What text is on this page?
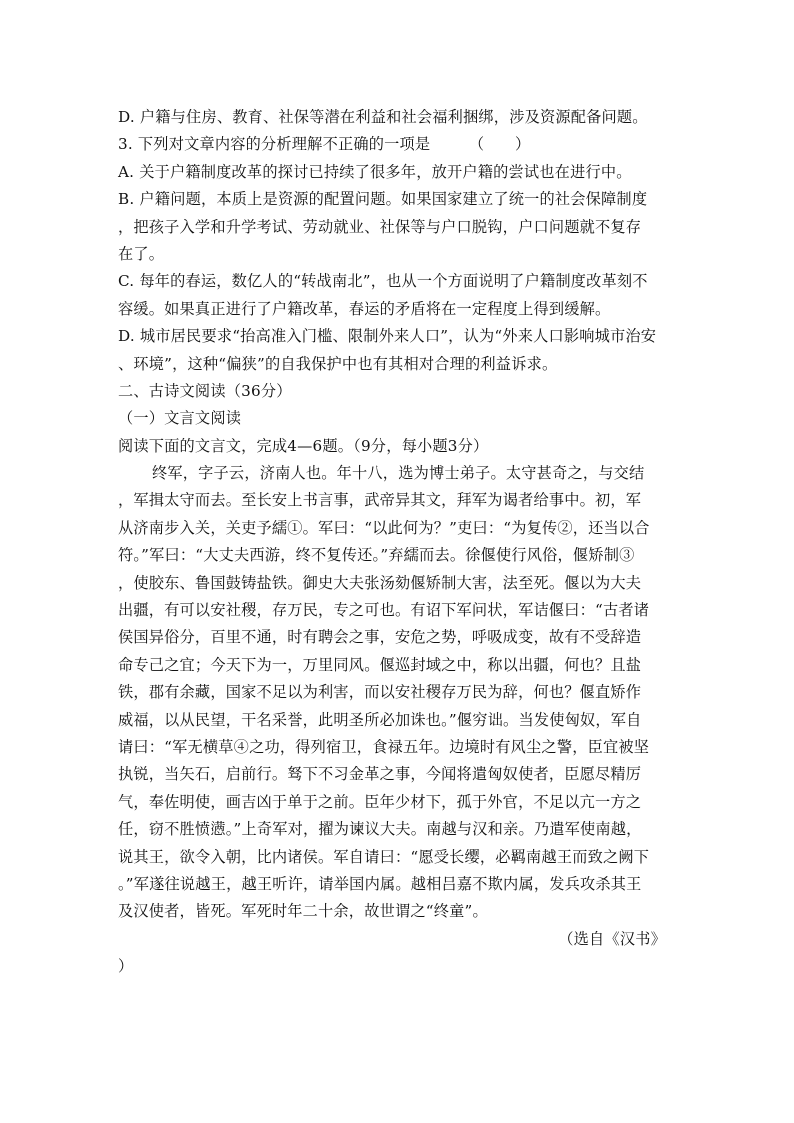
D. 户籍与住房、教育、社保等潜在利益和社会福利捆绑，涉及资源配备问题。
3. 下列对文章内容的分析理解不正确的一项是　　　（　　）
A. 关于户籍制度改革的探讨已持续了很多年，放开户籍的尝试也在进行中。
B. 户籍问题，本质上是资源的配置问题。如果国家建立了统一的社会保障制度
，把孩子入学和升学考试、劳动就业、社保等与户口脱钩，户口问题就不复存
在了。
C. 每年的春运，数亿人的“转战南北”，也从一个方面说明了户籍制度改革刻不
容缓。如果真正进行了户籍改革，春运的矛盾将在一定程度上得到缓解。
D. 城市居民要求“抬高准入门槛、限制外来人口”，认为“外来人口影响城市治安
、环境”，这种“偏狭”的自我保护中也有其相对合理的利益诉求。
二、古诗文阅读（36分）
（一）文言文阅读
阅读下面的文言文，完成4—6题。（9分，每小题3分）
终军，字子云，济南人也。年十八，选为博士弟子。太守甚奇之，与交结
，军揖太守而去。至长安上书言事，武帝异其文，拜军为谒者给事中。初，军
从济南步入关，关吏予繻①。军曰：“以此何为？”吏曰：“为复传②，还当以合
符。”军曰：“大丈夫西游，终不复传还。”弃繻而去。徐偃使行风俗，偃矫制③
，使胶东、鲁国鼓铸盐铁。御史大夫张汤劾偃矫制大害，法至死。偃以为大夫
出疆，有可以安社稷，存万民，专之可也。有诏下军问状，军诘偃曰：“古者诸
侯国异俗分，百里不通，时有聘会之事，安危之势，呼吸成变，故有不受辞造
命专己之宜；今天下为一，万里同风。偃巡封域之中，称以出疆，何也？且盐
铁，郡有余藏，国家不足以为利害，而以安社稷存万民为辞，何也？偃直矫作
威福，以从民望，干名采誉，此明圣所必加诛也。”偃穷诎。当发使匈奴，军自
请曰：“军无横草④之功，得列宿卫，食禄五年。边境时有风尘之警，臣宜被坚
执锐，当矢石，启前行。驽下不习金革之事，今闻将遣匈奴使者，臣愿尽精厉
气，奉佐明使，画吉凶于单于之前。臣年少材下，孤于外官，不足以亢一方之
任，窃不胜愤懑。”上奇军对，擢为谏议大夫。南越与汉和亲。乃遣军使南越，
说其王，欲令入朝，比内诸侯。军自请曰：“愿受长缨，必羁南越王而致之阙下
。”军遂往说越王，越王听许，请举国内属。越相吕嘉不欺内属，发兵攻杀其王
及汉使者，皆死。军死时年二十余，故世谓之“终童”。
（选自《汉书》
）
